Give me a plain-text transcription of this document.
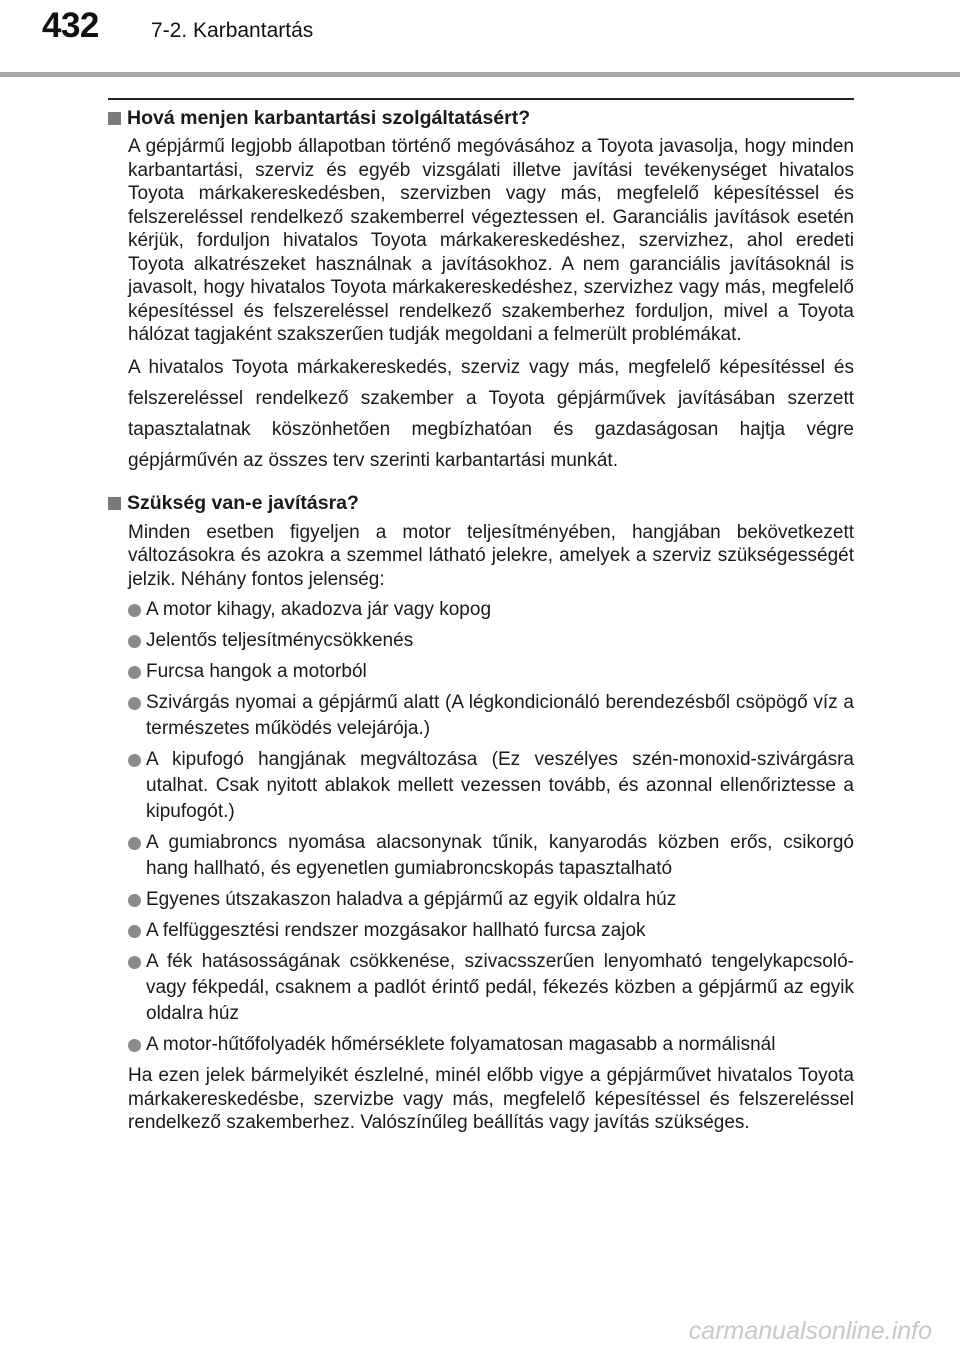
432 7-2. Karbantartás
Hová menjen karbantartási szolgáltatásért?

A gépjármű legjobb állapotban történő megóvásához a Toyota javasolja, hogy minden karbantartási, szerviz és egyéb vizsgálati illetve javítási tevékenységet hivatalos Toyota márkakereskedésben, szervizben vagy más, megfelelő képesítéssel és felszereléssel rendelkező szakemberrel végeztessen el. Garanciális javítások esetén kérjük, forduljon hivatalos Toyota márkakereskedéshez, szervizhez, ahol eredeti Toyota alkatrészeket használnak a javításokhoz. A nem garanciális javításoknál is javasolt, hogy hivatalos Toyota márkakereskedéshez, szervizhez vagy más, megfelelő képesítéssel és felszereléssel rendelkező szakemberhez forduljon, mivel a Toyota hálózat tagjaként szakszerűen tudják megoldani a felmerült problémákat.

A hivatalos Toyota márkakereskedés, szerviz vagy más, megfelelő képesítéssel és felszereléssel rendelkező szakember a Toyota gépjárművek javításában szerzett tapasztalatnak köszönhetően megbízhatóan és gazdaságosan hajtja végre gépjárművén az összes terv szerinti karbantartási munkát.

Szükség van-e javításra?

Minden esetben figyeljen a motor teljesítményében, hangjában bekövetkezett változásokra és azokra a szemmel látható jelekre, amelyek a szerviz szükségességét jelzik. Néhány fontos jelenség:

A motor kihagy, akadozva jár vagy kopog
Jelentős teljesítménycsökkenés
Furcsa hangok a motorból
Szivárgás nyomai a gépjármű alatt (A légkondicionáló berendezésből csöpögő víz a természetes működés velejárója.)
A kipufogó hangjának megváltozása (Ez veszélyes szén-monoxid-szivárgásra utalhat. Csak nyitott ablakok mellett vezessen tovább, és azonnal ellenőriztesse a kipufogót.)
A gumiabroncs nyomása alacsonynak tűnik, kanyarodás közben erős, csikorgó hang hallható, és egyenetlen gumiabroncskopás tapasztalható
Egyenes útszakaszon haladva a gépjármű az egyik oldalra húz
A felfüggesztési rendszer mozgásakor hallható furcsa zajok
A fék hatásosságának csökkenése, szivacsszerűen lenyomható tengelykapcsoló- vagy fékpedál, csaknem a padlót érintő pedál, fékezés közben a gépjármű az egyik oldalra húz
A motor-hűtőfolyadék hőmérséklete folyamatosan magasabb a normálisnál

Ha ezen jelek bármelyikét észlelné, minél előbb vigye a gépjárművet hivatalos Toyota márkakereskedésbe, szervizbe vagy más, megfelelő képesítéssel és felszereléssel rendelkező szakemberhez. Valószínűleg beállítás vagy javítás szükséges.

carmanualsonline.info
